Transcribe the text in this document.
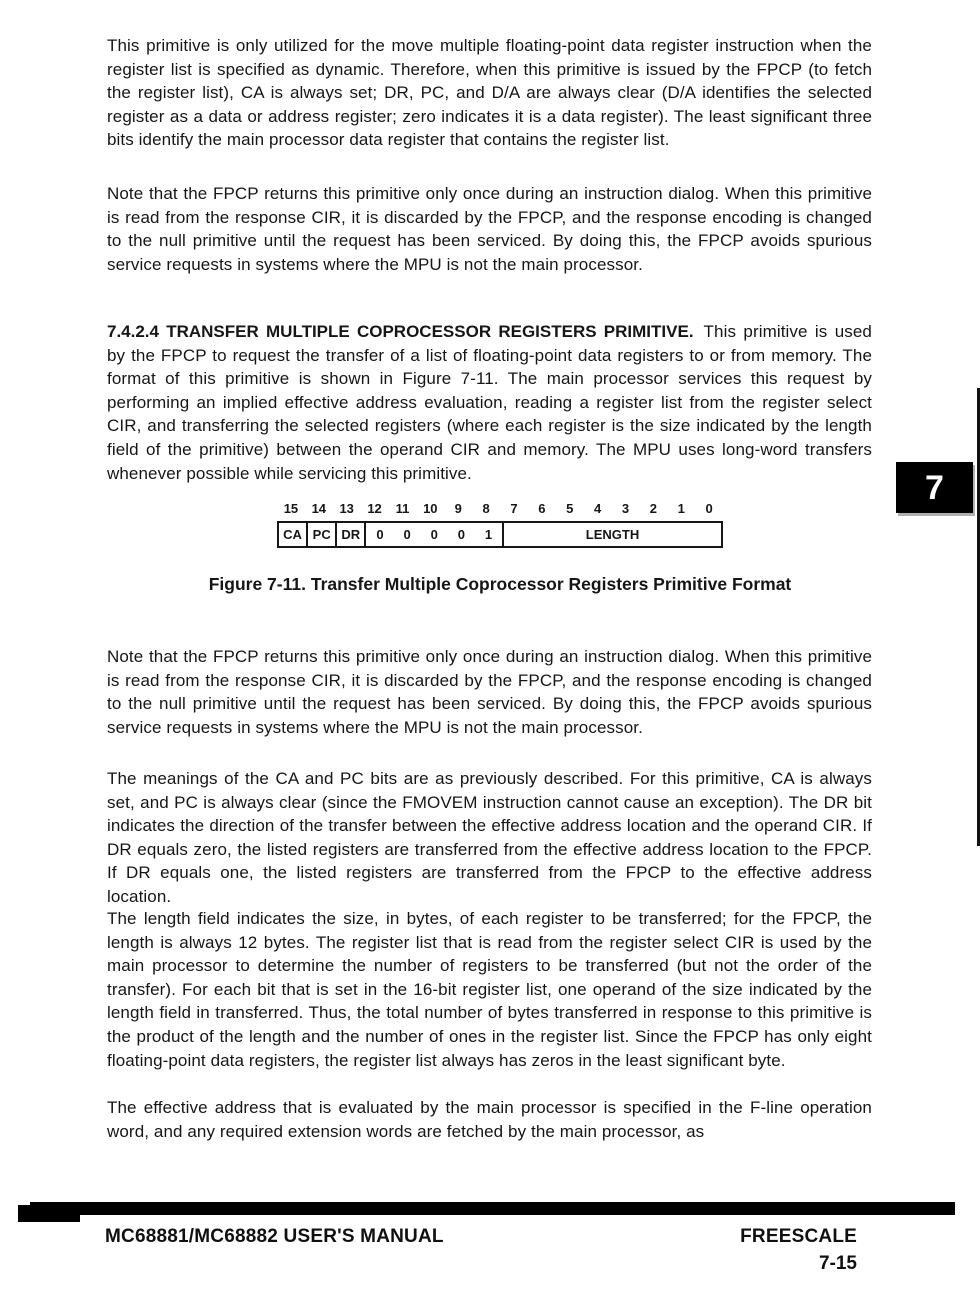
This primitive is only utilized for the move multiple floating-point data register instruction when the register list is specified as dynamic. Therefore, when this primitive is issued by the FPCP (to fetch the register list), CA is always set; DR, PC, and D/A are always clear (D/A identifies the selected register as a data or address register; zero indicates it is a data register). The least significant three bits identify the main processor data register that contains the register list.

Note that the FPCP returns this primitive only once during an instruction dialog. When this primitive is read from the response CIR, it is discarded by the FPCP, and the response encoding is changed to the null primitive until the request has been serviced. By doing this, the FPCP avoids spurious service requests in systems where the MPU is not the main processor.

7.4.2.4 TRANSFER MULTIPLE COPROCESSOR REGISTERS PRIMITIVE. This primitive is used by the FPCP to request the transfer of a list of floating-point data registers to or from memory. The format of this primitive is shown in Figure 7-11. The main processor services this request by performing an implied effective address evaluation, reading a register list from the register select CIR, and transferring the selected registers (where each register is the size indicated by the length field of the primitive) between the operand CIR and memory. The MPU uses long-word transfers whenever possible while servicing this primitive.

15	14	13	12	11	10	9	8	7	6	5	4	3	2	1	0
CA PC DR	0	0	0	0	1	LENGTH
Figure 7-11. Transfer Multiple Coprocessor Registers Primitive Format

Note that the FPCP returns this primitive only once during an instruction dialog. When this primitive is read from the response CIR, it is discarded by the FPCP, and the response encoding is changed to the null primitive until the request has been serviced. By doing this, the FPCP avoids spurious service requests in systems where the MPU is not the main processor.

The meanings of the CA and PC bits are as previously described. For this primitive, CA is always set, and PC is always clear (since the FMOVEM instruction cannot cause an exception). The DR bit indicates the direction of the transfer between the effective address location and the operand CIR. If DR equals zero, the listed registers are transferred from the effective address location to the FPCP. If DR equals one, the listed registers are transferred from the FPCP to the effective address location.

The length field indicates the size, in bytes, of each register to be transferred; for the FPCP, the length is always 12 bytes. The register list that is read from the register select CIR is used by the main processor to determine the number of registers to be transferred (but not the order of the transfer). For each bit that is set in the 16-bit register list, one operand of the size indicated by the length field in transferred. Thus, the total number of bytes transferred in response to this primitive is the product of the length and the number of ones in the register list. Since the FPCP has only eight floating-point data registers, the register list always has zeros in the least significant byte.

The effective address that is evaluated by the main processor is specified in the F-line operation word, and any required extension words are fetched by the main processor, as

7
MC68881/MC68882 USER'S MANUAL	FREESCALE
7-15
